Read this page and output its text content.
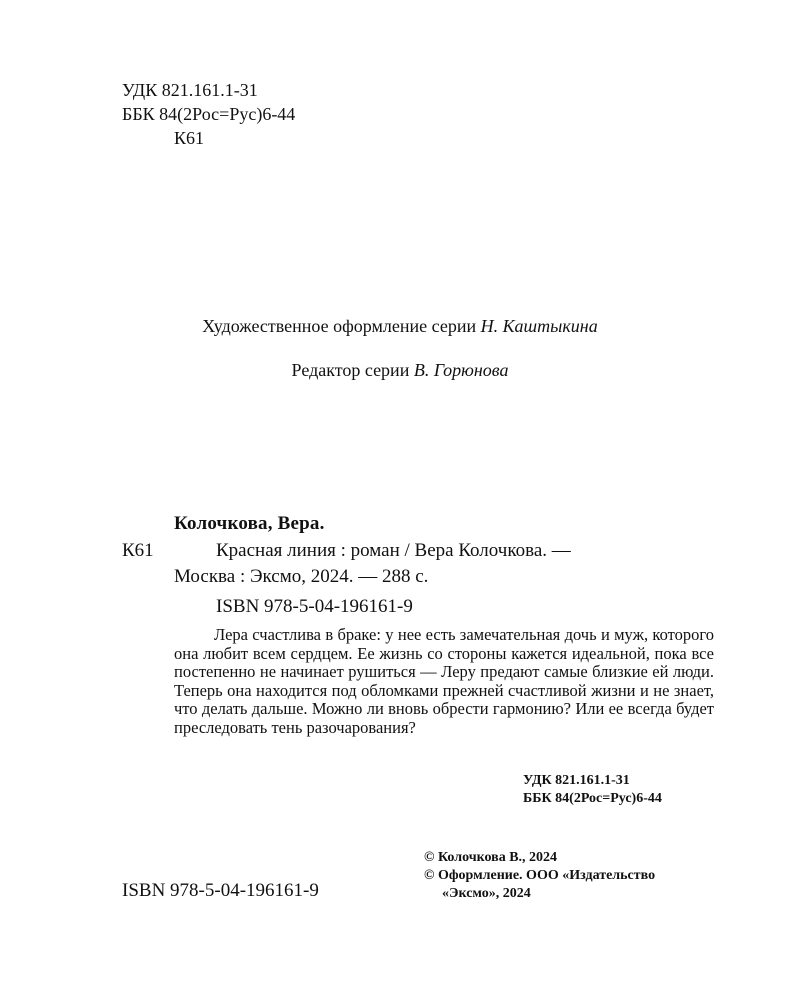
УДК 821.161.1-31
ББК 84(2Рос=Рус)6-44
К61
Художественное оформление серии Н. Каштыкина
Редактор серии В. Горюнова
Колочкова, Вера.
К61	Красная линия : роман / Вера Колочкова. —
Москва : Эксмо, 2024. — 288 с.
ISBN 978-5-04-196161-9

Лера счастлива в браке: у нее есть замечательная дочь и муж, которого она любит всем сердцем. Ее жизнь со стороны кажется идеальной, пока все постепенно не начинает рушиться — Леру предают самые близкие ей люди. Теперь она находится под обломками прежней счастливой жизни и не знает, что делать дальше. Можно ли вновь обрести гармонию? Или ее всегда будет преследовать тень разочарования?

УДК 821.161.1-31
ББК 84(2Рос=Рус)6-44
© Колочкова В., 2024
© Оформление. ООО «Издательство
«Эксмо», 2024
ISBN 978-5-04-196161-9
